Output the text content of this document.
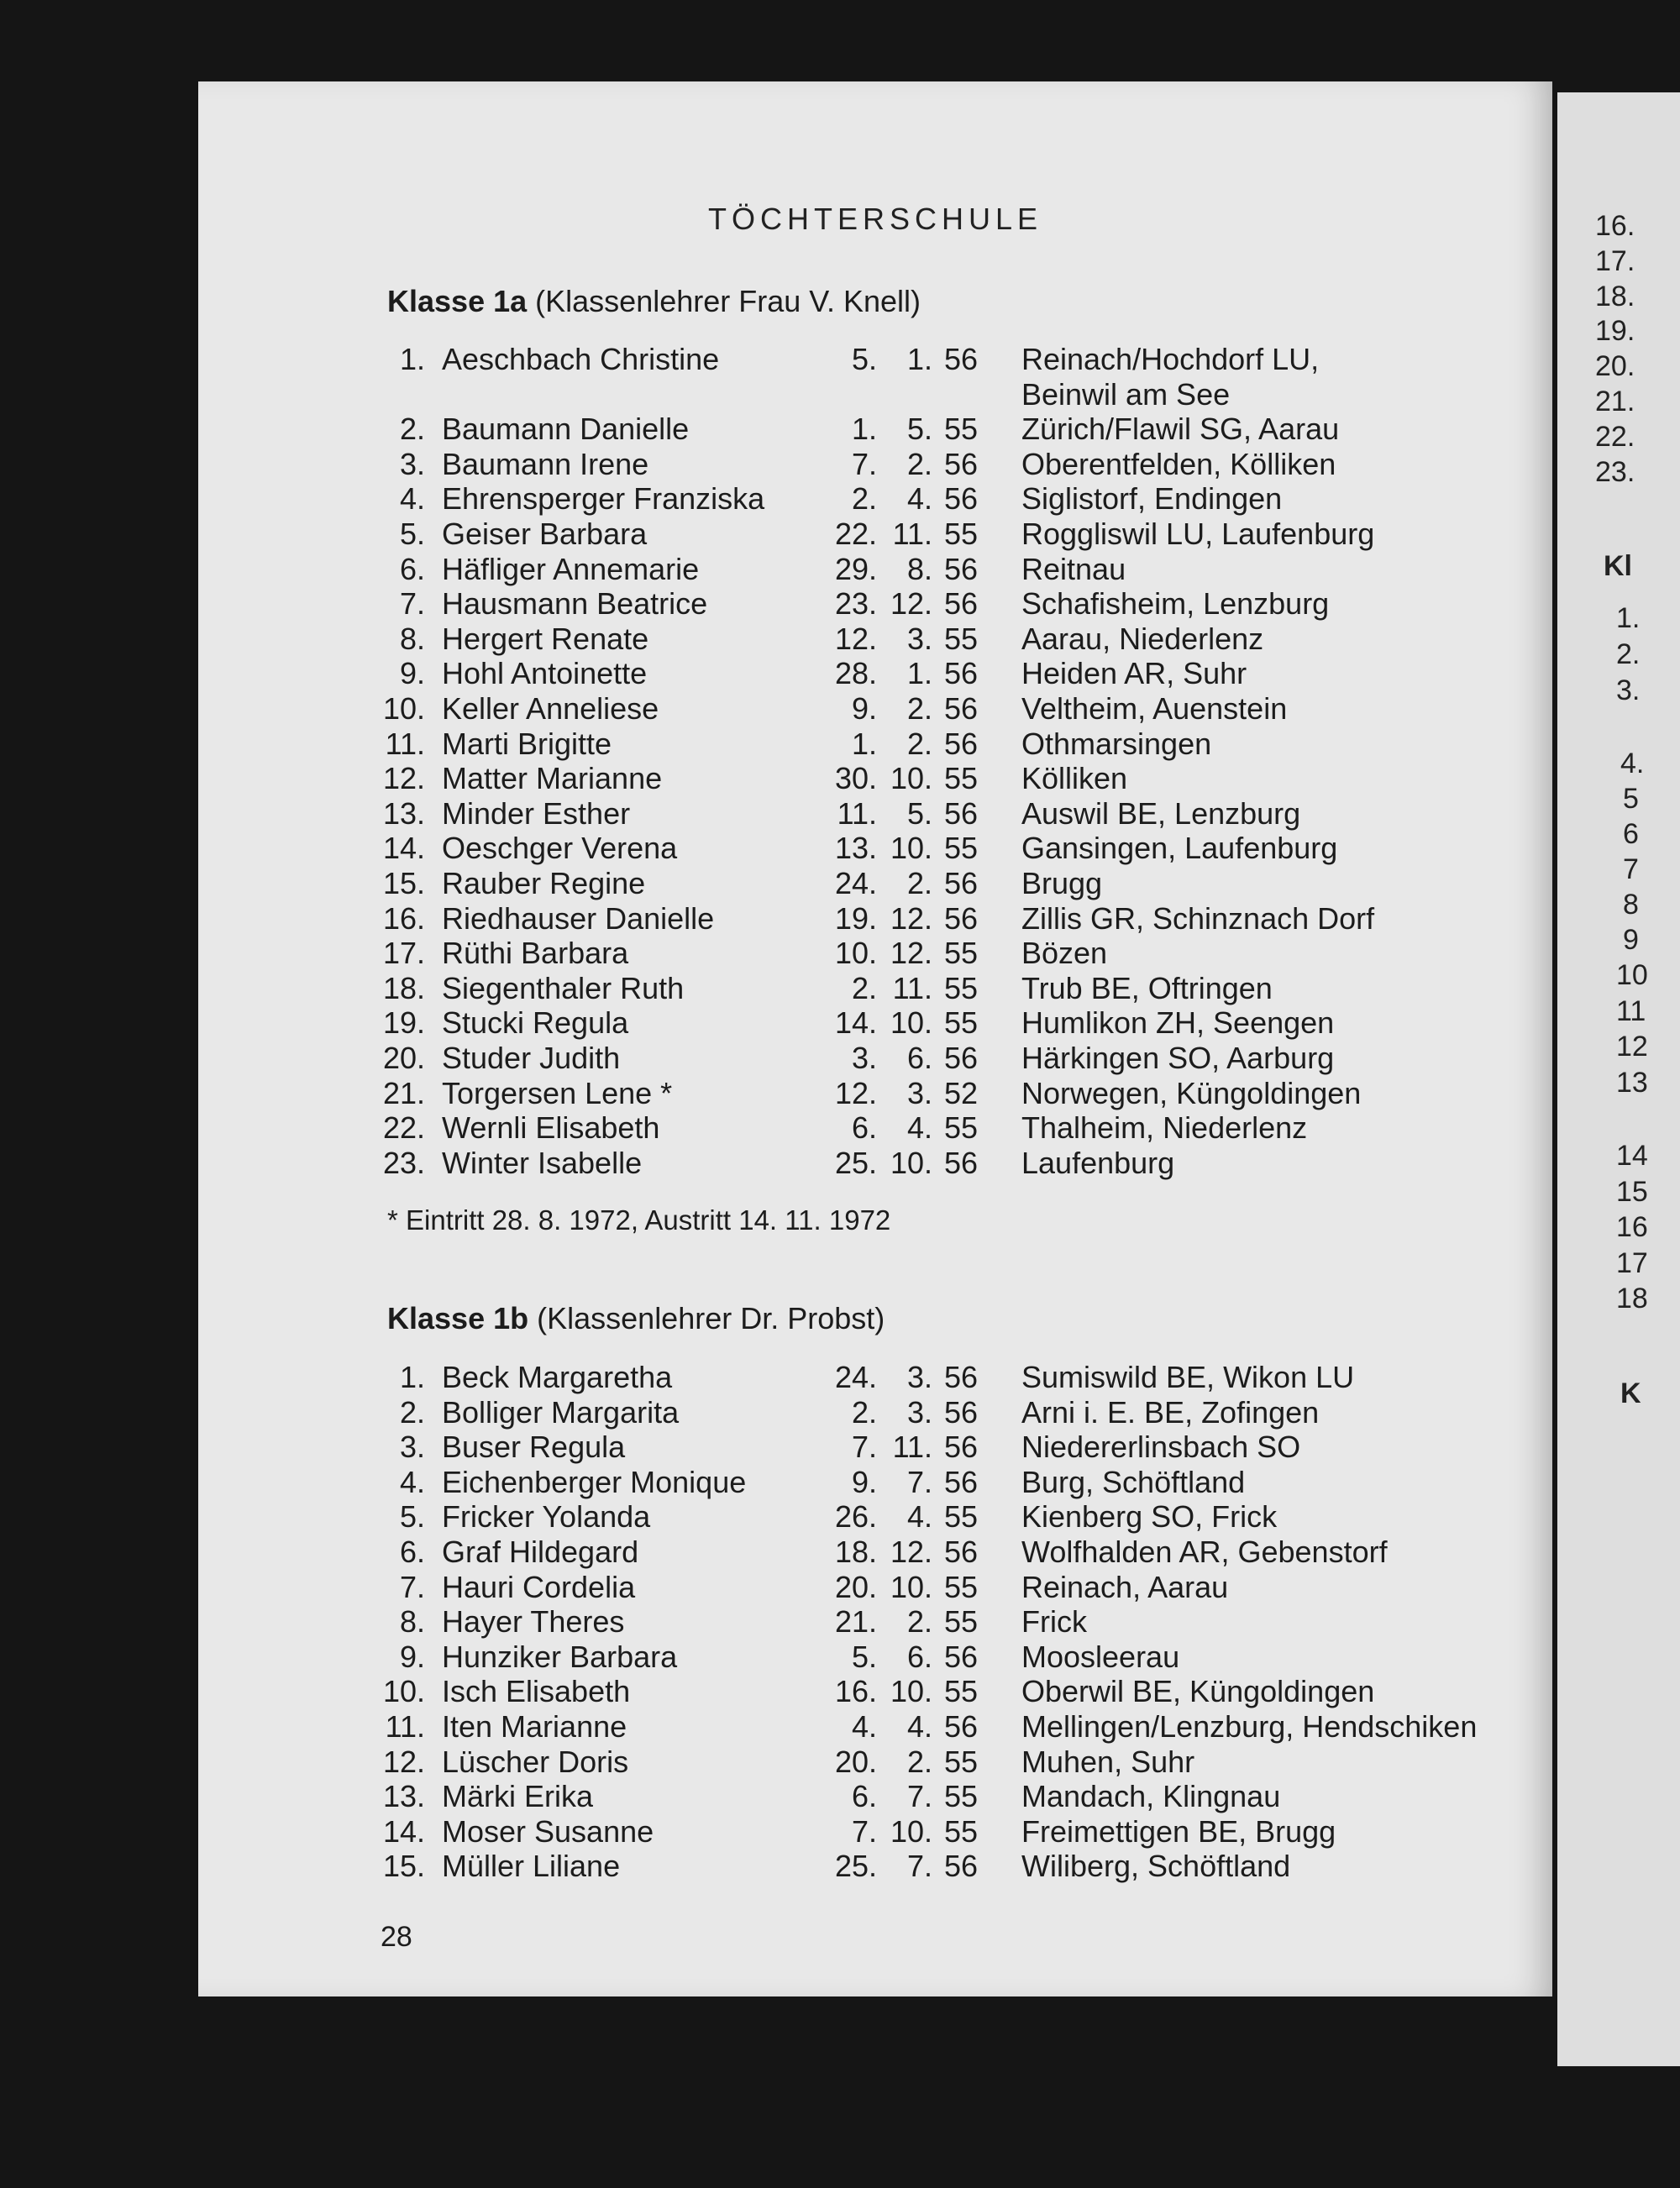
TÖCHTERSCHULE
Klasse 1a (Klassenlehrer Frau V. Knell)
1. Aeschbach Christine	5. 1. 56 Reinach/Hochdorf LU,
Beinwil am See
2. Baumann Danielle	1. 5. 55 Zürich/Flawil SG, Aarau
3. Baumann Irene	7. 2. 56 Oberentfelden, Kölliken
4. Ehrensperger Franziska	2. 4. 56 Siglistorf, Endingen
5. Geiser Barbara	22. 11. 55 Roggliswil LU, Laufenburg
6. Häfliger Annemarie	29. 8. 56 Reitnau
7. Hausmann Beatrice	23. 12. 56 Schafisheim, Lenzburg
8. Hergert Renate	12. 3. 55 Aarau, Niederlenz
9. Hohl Antoinette	28. 1. 56 Heiden AR, Suhr
10. Keller Anneliese	9. 2. 56 Veltheim, Auenstein
11. Marti Brigitte	1. 2. 56 Othmarsingen
12. Matter Marianne	30. 10. 55 Kölliken
13. Minder Esther	11. 5. 56 Auswil BE, Lenzburg
14. Oeschger Verena	13. 10. 55 Gansingen, Laufenburg
15. Rauber Regine	24. 2. 56 Brugg
16. Riedhauser Danielle	19. 12. 56 Zillis GR, Schinznach Dorf
17. Rüthi Barbara	10. 12. 55 Bözen
18. Siegenthaler Ruth	2. 11. 55 Trub BE, Oftringen
19. Stucki Regula	14. 10. 55 Humlikon ZH, Seengen
20. Studer Judith	3. 6. 56 Härkingen SO, Aarburg
21. Torgersen Lene *	12. 3. 52 Norwegen, Küngoldingen
22. Wernli Elisabeth	6. 4. 55 Thalheim, Niederlenz
23. Winter Isabelle	25. 10. 56 Laufenburg
* Eintritt 28. 8. 1972, Austritt 14. 11. 1972
Klasse 1b (Klassenlehrer Dr. Probst)
1. Beck Margaretha	24. 3. 56 Sumiswild BE, Wikon LU
2. Bolliger Margarita	2. 3. 56 Arni i. E. BE, Zofingen
3. Buser Regula	7. 11. 56 Niedererlinsbach SO
4. Eichenberger Monique	9. 7. 56 Burg, Schöftland
5. Fricker Yolanda	26. 4. 55 Kienberg SO, Frick
6. Graf Hildegard	18. 12. 56 Wolfhalden AR, Gebenstorf
7. Hauri Cordelia	20. 10. 55 Reinach, Aarau
8. Hayer Theres	21. 2. 55 Frick
9. Hunziker Barbara	5. 6. 56 Moosleerau
10. Isch Elisabeth	16. 10. 55 Oberwil BE, Küngoldingen
11. Iten Marianne	4. 4. 56 Mellingen/Lenzburg, Hendschiken
12. Lüscher Doris	20. 2. 55 Muhen, Suhr
13. Märki Erika	6. 7. 55 Mandach, Klingnau
14. Moser Susanne	7. 10. 55 Freimettigen BE, Brugg
15. Müller Liliane	25. 7. 56 Wiliberg, Schöftland
28
16.
17.
18.
19.
20.
21.
22.
23.
Kl
1.
2.
3.
4.
5
6
7
8
9
10
11
12
13
14
15
16
17
18
K
